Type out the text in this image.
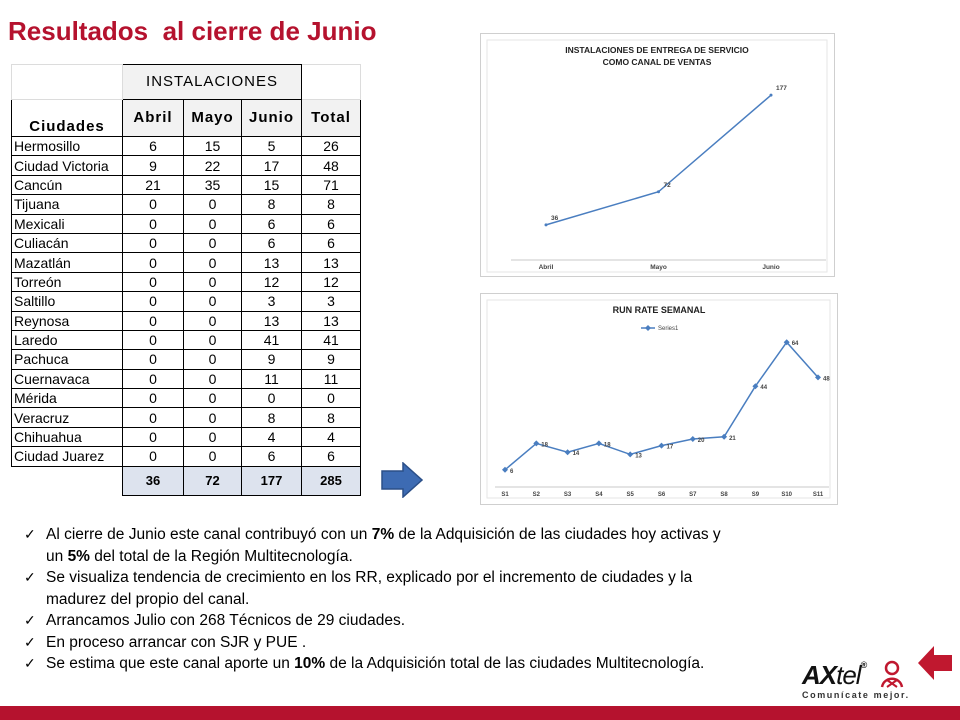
Resultados  al cierre de Junio
	INSTALACIONES			
Ciudades	Abril	Mayo	Junio	Total
Hermosillo	6	15	5	26
Ciudad Victoria	9	22	17	48
Cancún	21	35	15	71
Tijuana	0	0	8	8
Mexicali	0	0	6	6
Culiacán	0	0	6	6
Mazatlán	0	0	13	13
Torreón	0	0	12	12
Saltillo	0	0	3	3
Reynosa	0	0	13	13
Laredo	0	0	41	41
Pachuca	0	0	9	9
Cuernavaca	0	0	11	11
Mérida	0	0	0	0
Veracruz	0	0	8	8
Chihuahua	0	0	4	4
Ciudad Juarez	0	0	6	6
	36	72	177	285
INSTALACIONES DE ENTREGA DE SERVICIO
COMO CANAL DE VENTAS
36
Abril
72
Mayo
177
Junio
RUN RATE SEMANAL
Series1
6
S1
18
S2
14
S3
18
S4
13
S5
17
S6
20
S7
21
S8
44
S9
64
S10
48
S11
✓ Al cierre de Junio este canal contribuyó con un 7% de la Adquisición de las ciudades hoy activas y
un 5% del total de la Región Multitecnología.
✓ Se visualiza tendencia de crecimiento en los RR, explicado por el incremento de ciudades y la
madurez del propio del canal.
✓ Arrancamos Julio con 268 Técnicos de 29 ciudades.
✓ En proceso arrancar con SJR y PUE .
✓ Se estima que este canal aporte un 10% de la Adquisición total de las ciudades Multitecnología.	AXtel®
Comunícate mejor.
